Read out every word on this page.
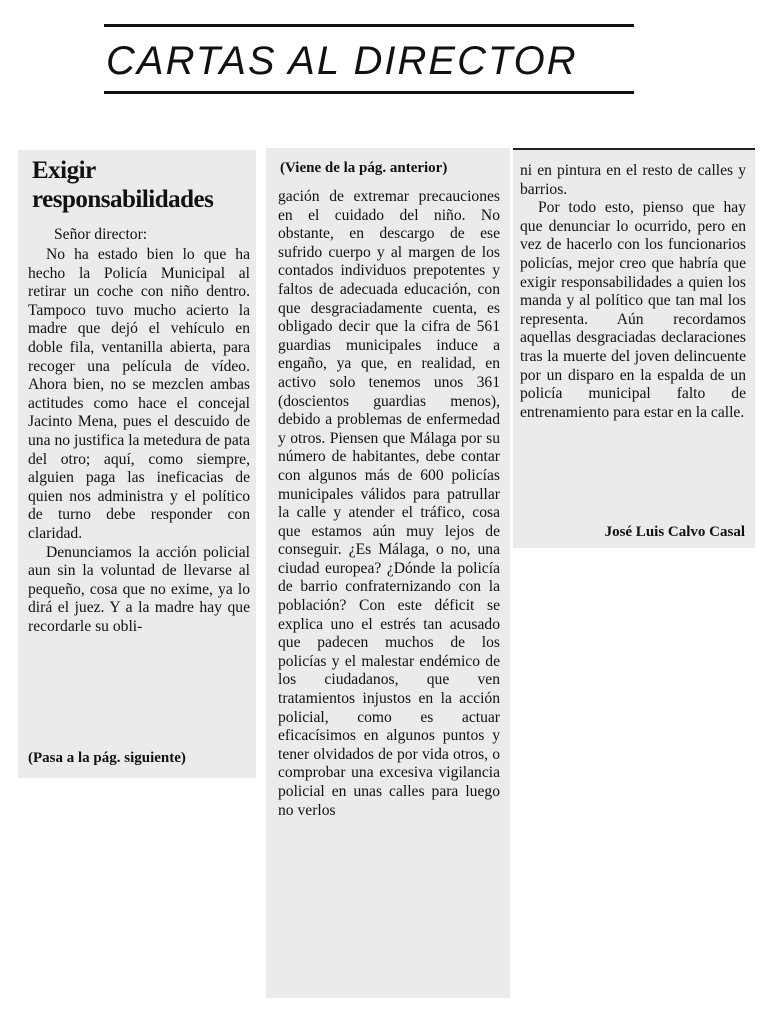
CARTAS AL DIRECTOR
Exigir responsabilidades
Señor director:

No ha estado bien lo que ha hecho la Policía Municipal al retirar un coche con niño dentro. Tampoco tuvo mucho acierto la madre que dejó el vehículo en doble fila, ventanilla abierta, para recoger una película de vídeo. Ahora bien, no se mezclen ambas actitudes como hace el concejal Jacinto Mena, pues el descuido de una no justifica la metedura de pata del otro; aquí, como siempre, alguien paga las ineficacias de quien nos administra y el político de turno debe responder con claridad.

Denunciamos la acción policial aun sin la voluntad de llevarse al pequeño, cosa que no exime, ya lo dirá el juez. Y a la madre hay que recordarle su obli-

(Pasa a la pág. siguiente)
(Viene de la pág. anterior)

gación de extremar precauciones en el cuidado del niño. No obstante, en descargo de ese sufrido cuerpo y al margen de los contados individuos prepotentes y faltos de adecuada educación, con que desgraciadamente cuenta, es obligado decir que la cifra de 561 guardias municipales induce a engaño, ya que, en realidad, en activo solo tenemos unos 361 (doscientos guardias menos), debido a problemas de enfermedad y otros. Piensen que Málaga por su número de habitantes, debe contar con algunos más de 600 policías municipales válidos para patrullar la calle y atender el tráfico, cosa que estamos aún muy lejos de conseguir. ¿Es Málaga, o no, una ciudad europea? ¿Dónde la policía de barrio confraternizando con la población? Con este déficit se explica uno el estrés tan acusado que padecen muchos de los policías y el malestar endémico de los ciudadanos, que ven tratamientos injustos en la acción policial, como es actuar eficacísimos en algunos puntos y tener olvidados de por vida otros, o comprobar una excesiva vigilancia policial en unas calles para luego no verlos

ni en pintura en el resto de calles y barrios.

Por todo esto, pienso que hay que denunciar lo ocurrido, pero en vez de hacerlo con los funcionarios policías, mejor creo que habría que exigir responsabilidades a quien los manda y al político que tan mal los representa. Aún recordamos aquellas desgraciadas declaraciones tras la muerte del joven delincuente por un disparo en la espalda de un policía municipal falto de entrenamiento para estar en la calle.

José Luis Calvo Casal
